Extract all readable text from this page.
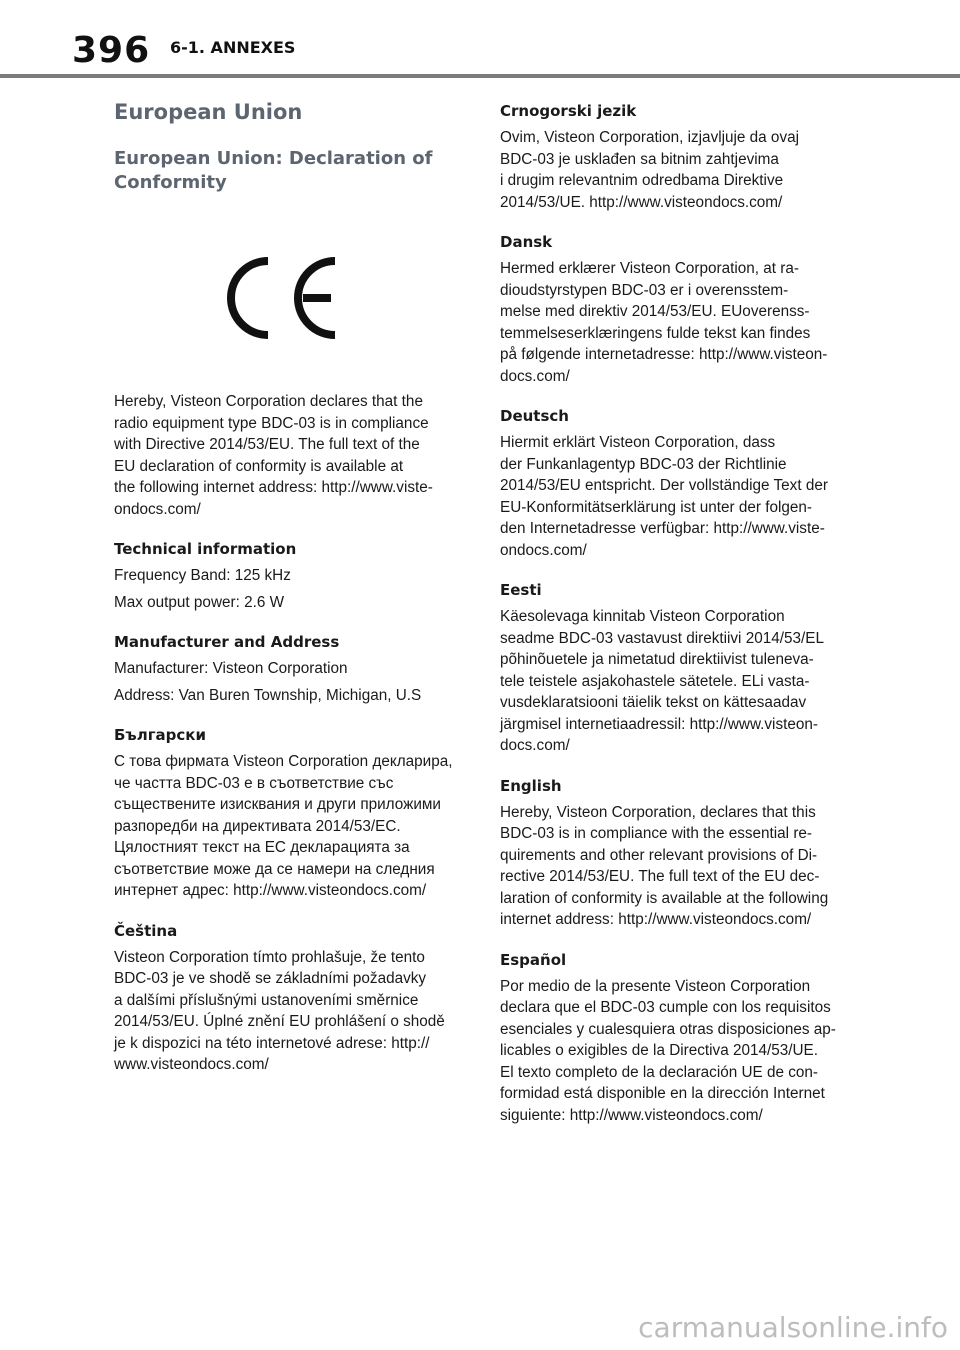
396 6-1. ANNEXES
European Union
European Union: Declaration of
Conformity

Hereby, Visteon Corporation declares that the
radio equipment type BDC-03 is in compliance
with Directive 2014/53/EU. The full text of the
EU declaration of conformity is available at
the following internet address: http://www.viste-
ondocs.com/

Technical information

Frequency Band: 125 kHz

Max output power: 2.6 W

Manufacturer and Address

Manufacturer: Visteon Corporation

Address: Van Buren Township, Michigan, U.S

Български

С това фирмата Visteon Corporation декларира,
че частта BDC-03 е в съответствие със
съществените изисквания и други приложими
разпоредби на директивата 2014/53/ЕС.
Цялостният текст на ЕС декларацията за
съответствие може да се намери на следния
интернет адрес: http://www.visteondocs.com/

Čeština

Visteon Corporation tímto prohlašuje, že tento
BDC-03 je ve shodě se základními požadavky
a dalšími příslušnými ustanoveními směrnice
2014/53/EU. Úplné znění EU prohlášení o shodě
je k dispozici na této internetové adrese: http://
www.visteondocs.com/

Crnogorski jezik

Ovim, Visteon Corporation, izjavljuje da ovaj
BDC-03 je usklađen sa bitnim zahtjevima
i drugim relevantnim odredbama Direktive
2014/53/UE. http://www.visteondocs.com/

Dansk

Hermed erklærer Visteon Corporation, at ra-
dioudstyrstypen BDC-03 er i overensstem-
melse med direktiv 2014/53/EU. EUoverenss-
temmelseserklæringens fulde tekst kan findes
på følgende internetadresse: http://www.visteon-
docs.com/

Deutsch

Hiermit erklärt Visteon Corporation, dass
der Funkanlagentyp BDC-03 der Richtlinie
2014/53/EU entspricht. Der vollständige Text der
EU-Konformitätserklärung ist unter der folgen-
den Internetadresse verfügbar: http://www.viste-
ondocs.com/

Eesti

Käesolevaga kinnitab Visteon Corporation
seadme BDC-03 vastavust direktiivi 2014/53/EL
põhinõuetele ja nimetatud direktiivist tuleneva-
tele teistele asjakohastele sätetele. ELi vasta-
vusdeklaratsiooni täielik tekst on kättesaadav
järgmisel internetiaadressil: http://www.visteon-
docs.com/

English

Hereby, Visteon Corporation, declares that this
BDC-03 is in compliance with the essential re-
quirements and other relevant provisions of Di-
rective 2014/53/EU. The full text of the EU dec-
laration of conformity is available at the following
internet address: http://www.visteondocs.com/

Español

Por medio de la presente Visteon Corporation
declara que el BDC-03 cumple con los requisitos
esenciales y cualesquiera otras disposiciones ap-
licables o exigibles de la Directiva 2014/53/UE.
El texto completo de la declaración UE de con-
formidad está disponible en la dirección Internet
siguiente: http://www.visteondocs.com/

carmanualsonline.info
